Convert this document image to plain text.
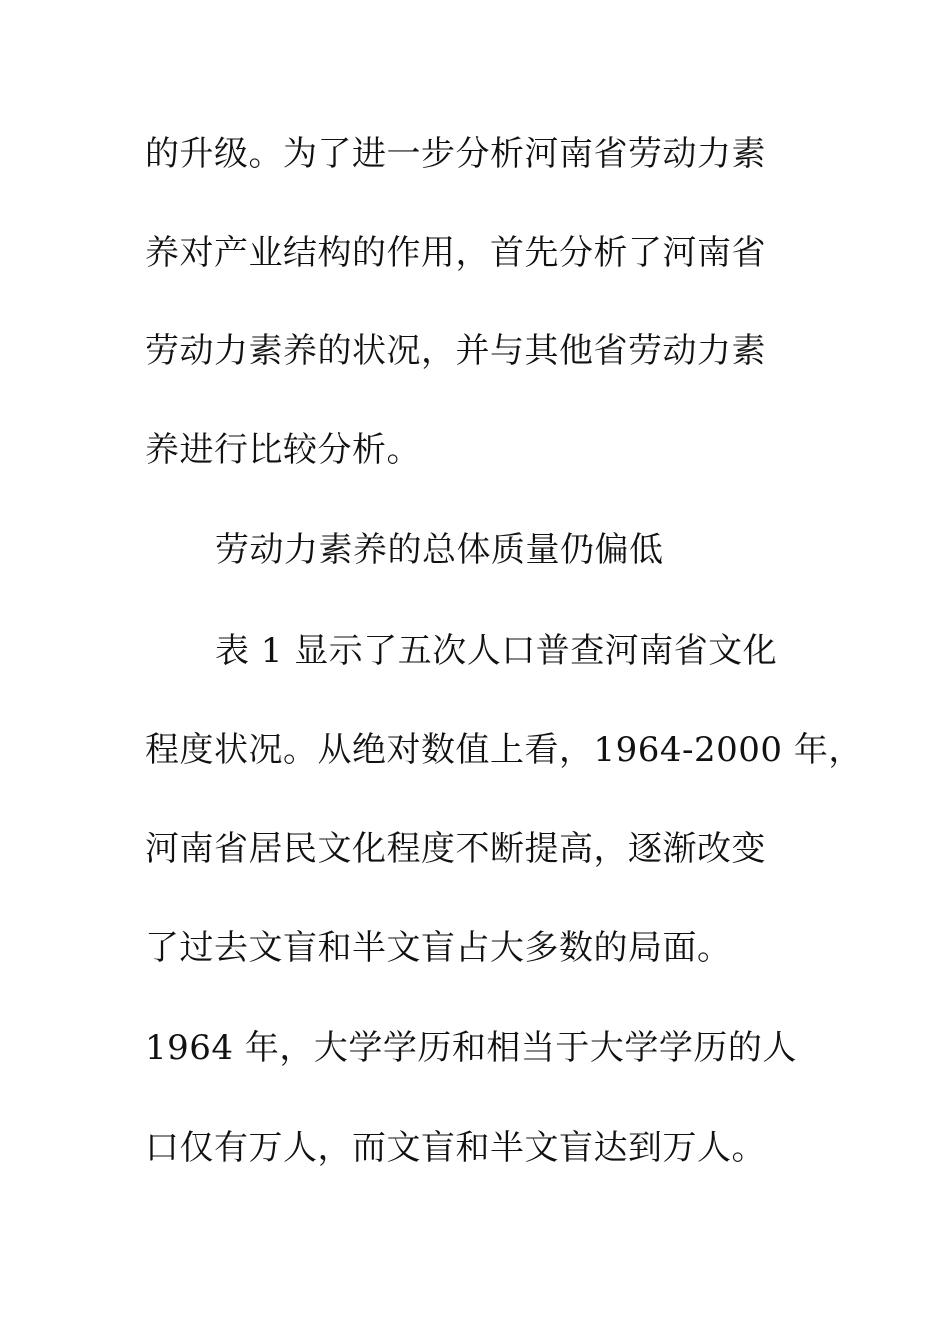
的升级。为了进一步分析河南省劳动力素
养对产业结构的作用，首先分析了河南省
劳动力素养的状况，并与其他省劳动力素
养进行比较分析。
劳动力素养的总体质量仍偏低
表 1 显示了五次人口普查河南省文化
程度状况。从绝对数值上看，1964-2000 年，
河南省居民文化程度不断提高，逐渐改变
了过去文盲和半文盲占大多数的局面。
1964 年，大学学历和相当于大学学历的人
口仅有万人，而文盲和半文盲达到万人。
